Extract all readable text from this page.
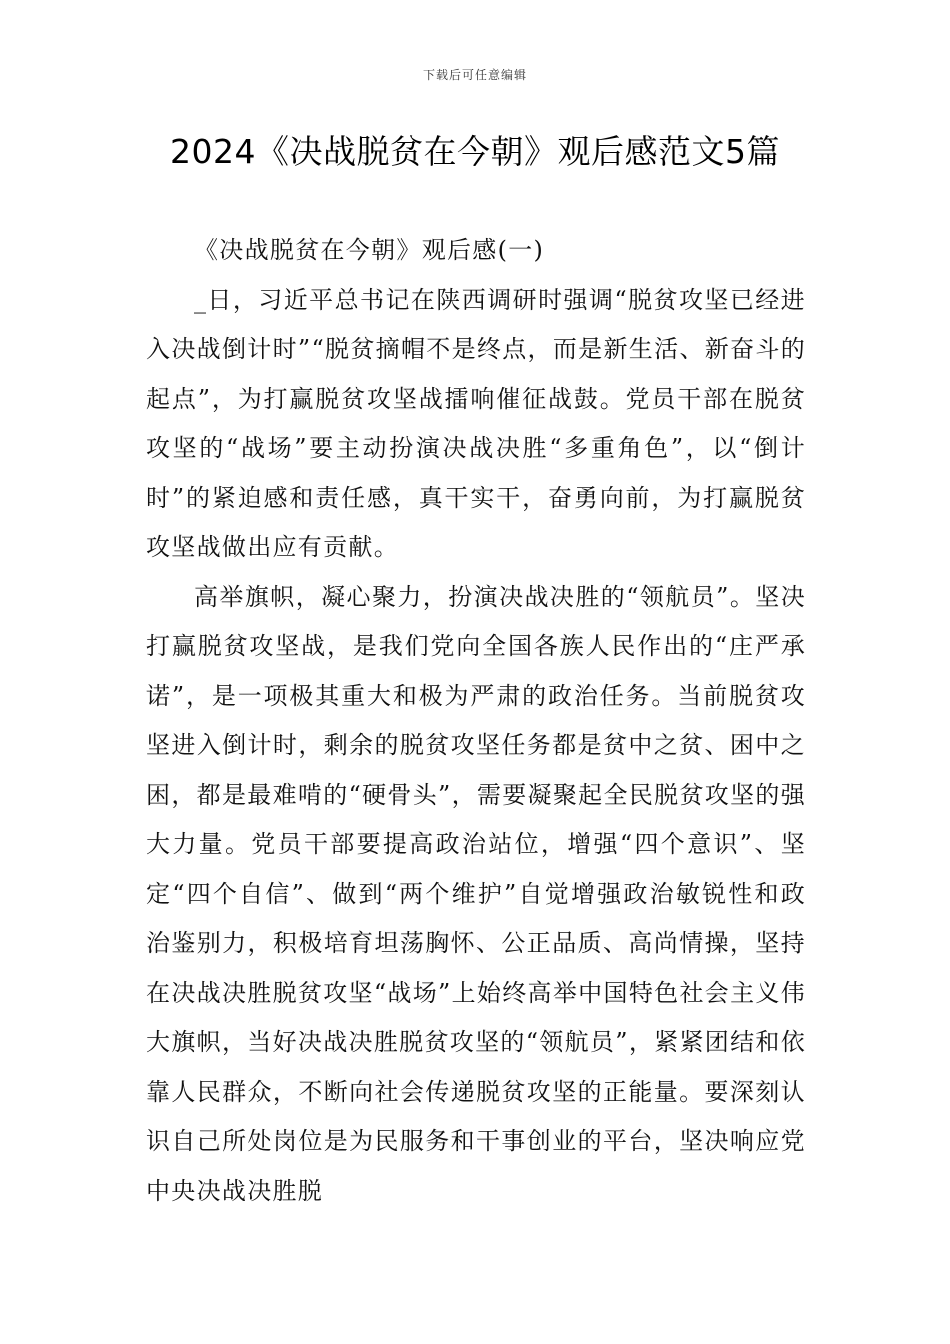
下载后可任意编辑
2024《决战脱贫在今朝》观后感范文5篇

《决战脱贫在今朝》观后感(一)

_日，习近平总书记在陕西调研时强调“脱贫攻坚已经进入决战倒计时”“脱贫摘帽不是终点，而是新生活、新奋斗的起点”，为打赢脱贫攻坚战擂响催征战鼓。党员干部在脱贫攻坚的“战场”要主动扮演决战决胜“多重角色”，以“倒计时”的紧迫感和责任感，真干实干，奋勇向前，为打赢脱贫攻坚战做出应有贡献。

高举旗帜，凝心聚力，扮演决战决胜的“领航员”。坚决打赢脱贫攻坚战，是我们党向全国各族人民作出的“庄严承诺”，是一项极其重大和极为严肃的政治任务。当前脱贫攻坚进入倒计时，剩余的脱贫攻坚任务都是贫中之贫、困中之困，都是最难啃的“硬骨头”，需要凝聚起全民脱贫攻坚的强大力量。党员干部要提高政治站位，增强“四个意识”、坚定“四个自信”、做到“两个维护”自觉增强政治敏锐性和政治鉴别力，积极培育坦荡胸怀、公正品质、高尚情操，坚持在决战决胜脱贫攻坚“战场”上始终高举中国特色社会主义伟大旗帜，当好决战决胜脱贫攻坚的“领航员”，紧紧团结和依靠人民群众，不断向社会传递脱贫攻坚的正能量。要深刻认识自己所处岗位是为民服务和干事创业的平台，坚决响应党中央决战决胜脱
